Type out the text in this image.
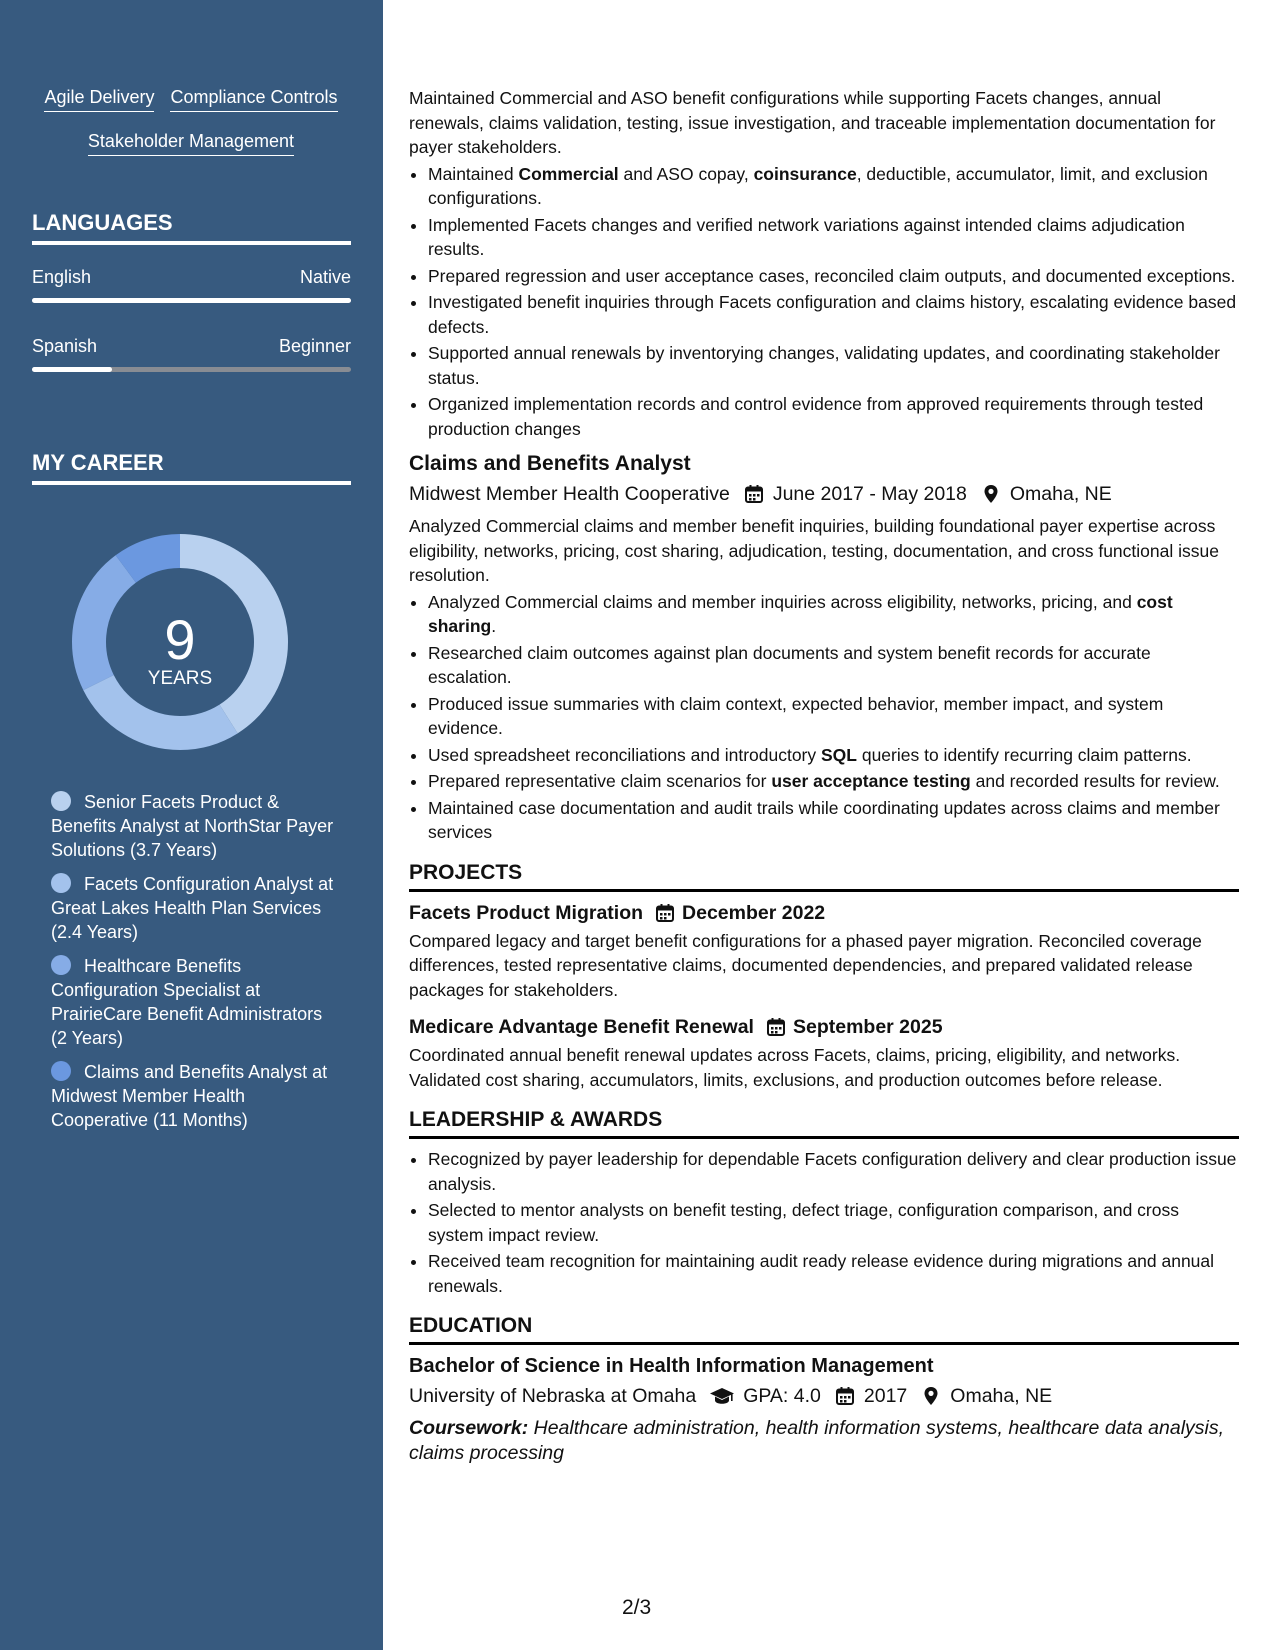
Agile Delivery Compliance Controls
Stakeholder Management
LANGUAGES
English	Native
Spanish	Beginner
MY CAREER
9
YEARS
Senior Facets Product & Benefits Analyst at NorthStar Payer Solutions (3.7 Years)
Facets Configuration Analyst at Great Lakes Health Plan Services (2.4 Years)
Healthcare Benefits Configuration Specialist at PrairieCare Benefit Administrators (2 Years)
Claims and Benefits Analyst at Midwest Member Health Cooperative (11 Months)

Maintained Commercial and ASO benefit configurations while supporting Facets changes, annual renewals, claims validation, testing, issue investigation, and traceable implementation documentation for payer stakeholders.

• Maintained Commercial and ASO copay, coinsurance, deductible, accumulator, limit, and exclusion configurations.
• Implemented Facets changes and verified network variations against intended claims adjudication results.
• Prepared regression and user acceptance cases, reconciled claim outputs, and documented exceptions.
• Investigated benefit inquiries through Facets configuration and claims history, escalating evidence based defects.
• Supported annual renewals by inventorying changes, validating updates, and coordinating stakeholder status.
• Organized implementation records and control evidence from approved requirements through tested production changes
Claims and Benefits Analyst
Midwest Member Health Cooperative June 2017 - May 2018 Omaha, NE

Analyzed Commercial claims and member benefit inquiries, building foundational payer expertise across eligibility, networks, pricing, cost sharing, adjudication, testing, documentation, and cross functional issue resolution.

• Analyzed Commercial claims and member inquiries across eligibility, networks, pricing, and cost sharing.
• Researched claim outcomes against plan documents and system benefit records for accurate escalation.
• Produced issue summaries with claim context, expected behavior, member impact, and system evidence.
• Used spreadsheet reconciliations and introductory SQL queries to identify recurring claim patterns.
• Prepared representative claim scenarios for user acceptance testing and recorded results for review.
• Maintained case documentation and audit trails while coordinating updates across claims and member services
PROJECTS
Facets Product Migration December 2022

Compared legacy and target benefit configurations for a phased payer migration. Reconciled coverage differences, tested representative claims, documented dependencies, and prepared validated release packages for stakeholders.

Medicare Advantage Benefit Renewal September 2025

Coordinated annual benefit renewal updates across Facets, claims, pricing, eligibility, and networks. Validated cost sharing, accumulators, limits, exclusions, and production outcomes before release.

LEADERSHIP & AWARDS
• Recognized by payer leadership for dependable Facets configuration delivery and clear production issue analysis.
• Selected to mentor analysts on benefit testing, defect triage, configuration comparison, and cross system impact review.
• Received team recognition for maintaining audit ready release evidence during migrations and annual renewals.
EDUCATION
Bachelor of Science in Health Information Management
University of Nebraska at Omaha GPA: 4.0 2017 Omaha, NE

Coursework: Healthcare administration, health information systems, healthcare data analysis, claims processing

2/3
